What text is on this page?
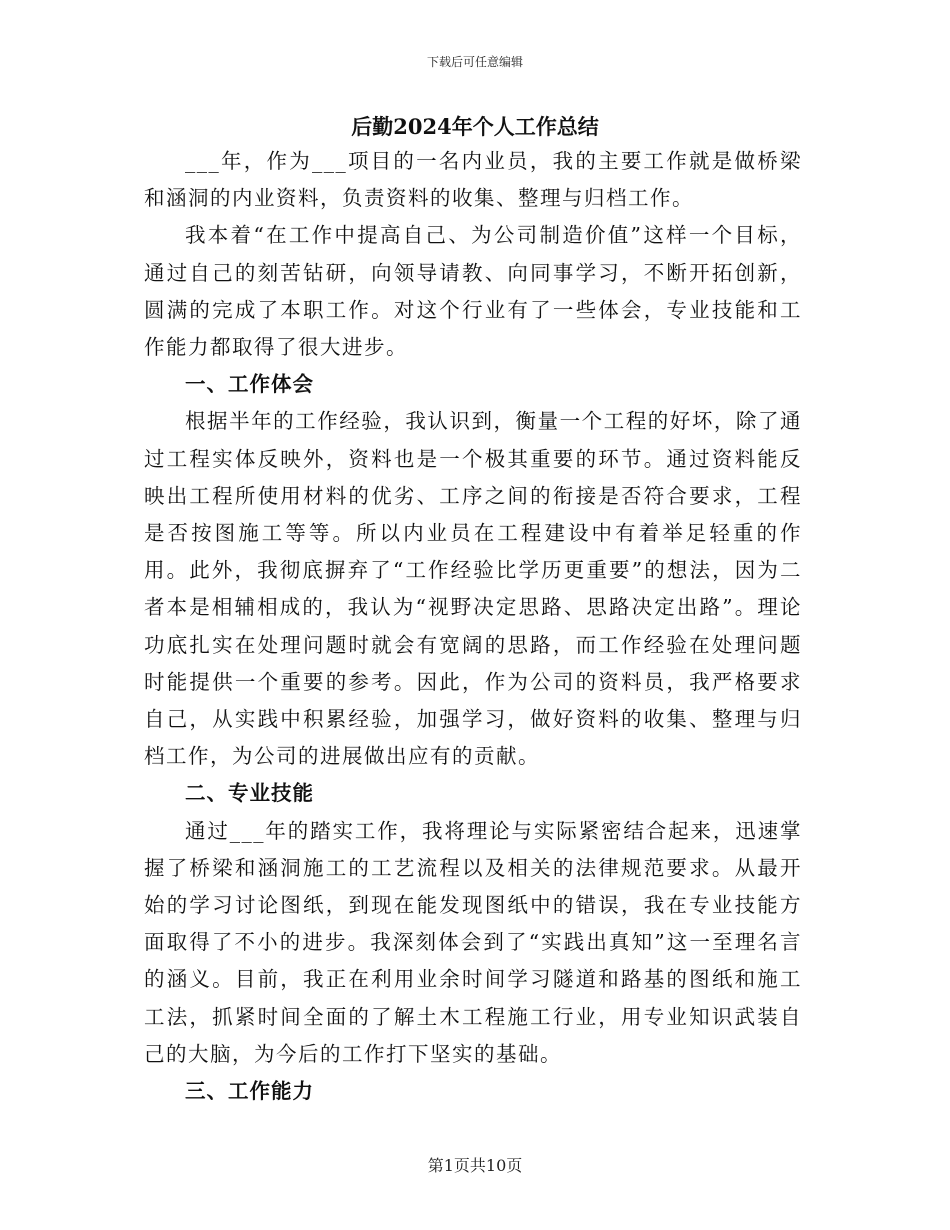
下载后可任意编辑
后勤2024年个人工作总结

___年，作为___项目的一名内业员，我的主要工作就是做桥梁和涵洞的内业资料，负责资料的收集、整理与归档工作。

我本着“在工作中提高自己、为公司制造价值”这样一个目标，通过自己的刻苦钻研，向领导请教、向同事学习，不断开拓创新，圆满的完成了本职工作。对这个行业有了一些体会，专业技能和工作能力都取得了很大进步。

一、工作体会

根据半年的工作经验，我认识到，衡量一个工程的好坏，除了通过工程实体反映外，资料也是一个极其重要的环节。通过资料能反映出工程所使用材料的优劣、工序之间的衔接是否符合要求，工程是否按图施工等等。所以内业员在工程建设中有着举足轻重的作用。此外，我彻底摒弃了“工作经验比学历更重要”的想法，因为二者本是相辅相成的，我认为“视野决定思路、思路决定出路”。理论功底扎实在处理问题时就会有宽阔的思路，而工作经验在处理问题时能提供一个重要的参考。因此，作为公司的资料员，我严格要求自己，从实践中积累经验，加强学习，做好资料的收集、整理与归档工作，为公司的进展做出应有的贡献。

二、专业技能

通过___年的踏实工作，我将理论与实际紧密结合起来，迅速掌握了桥梁和涵洞施工的工艺流程以及相关的法律规范要求。从最开始的学习讨论图纸，到现在能发现图纸中的错误，我在专业技能方面取得了不小的进步。我深刻体会到了“实践出真知”这一至理名言的涵义。目前，我正在利用业余时间学习隧道和路基的图纸和施工工法，抓紧时间全面的了解土木工程施工行业，用专业知识武装自己的大脑，为今后的工作打下坚实的基础。

三、工作能力

第1页共10页
